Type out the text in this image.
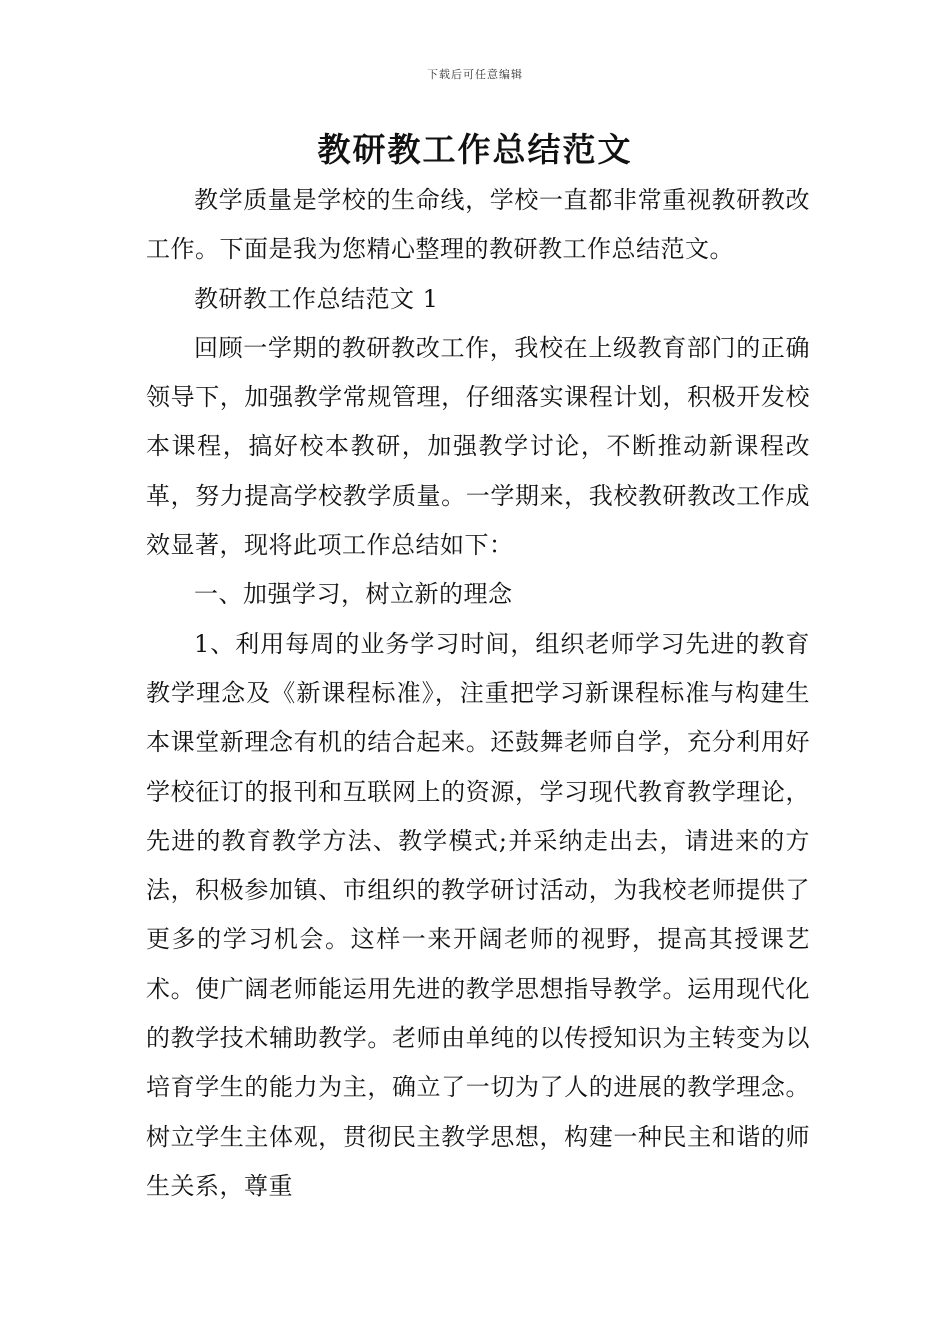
下载后可任意编辑
教研教工作总结范文

教学质量是学校的生命线，学校一直都非常重视教研教改工作。下面是我为您精心整理的教研教工作总结范文。

教研教工作总结范文 1

回顾一学期的教研教改工作，我校在上级教育部门的正确领导下，加强教学常规管理，仔细落实课程计划，积极开发校本课程，搞好校本教研，加强教学讨论，不断推动新课程改革，努力提高学校教学质量。一学期来，我校教研教改工作成效显著，现将此项工作总结如下：

一、加强学习，树立新的理念

1、利用每周的业务学习时间，组织老师学习先进的教育教学理念及《新课程标准》，注重把学习新课程标准与构建生本课堂新理念有机的结合起来。还鼓舞老师自学，充分利用好学校征订的报刊和互联网上的资源，学习现代教育教学理论，先进的教育教学方法、教学模式;并采纳走出去，请进来的方法，积极参加镇、市组织的教学研讨活动，为我校老师提供了更多的学习机会。这样一来开阔老师的视野，提高其授课艺术。使广阔老师能运用先进的教学思想指导教学。运用现代化的教学技术辅助教学。老师由单纯的以传授知识为主转变为以培育学生的能力为主，确立了一切为了人的进展的教学理念。树立学生主体观，贯彻民主教学思想，构建一种民主和谐的师生关系，尊重
